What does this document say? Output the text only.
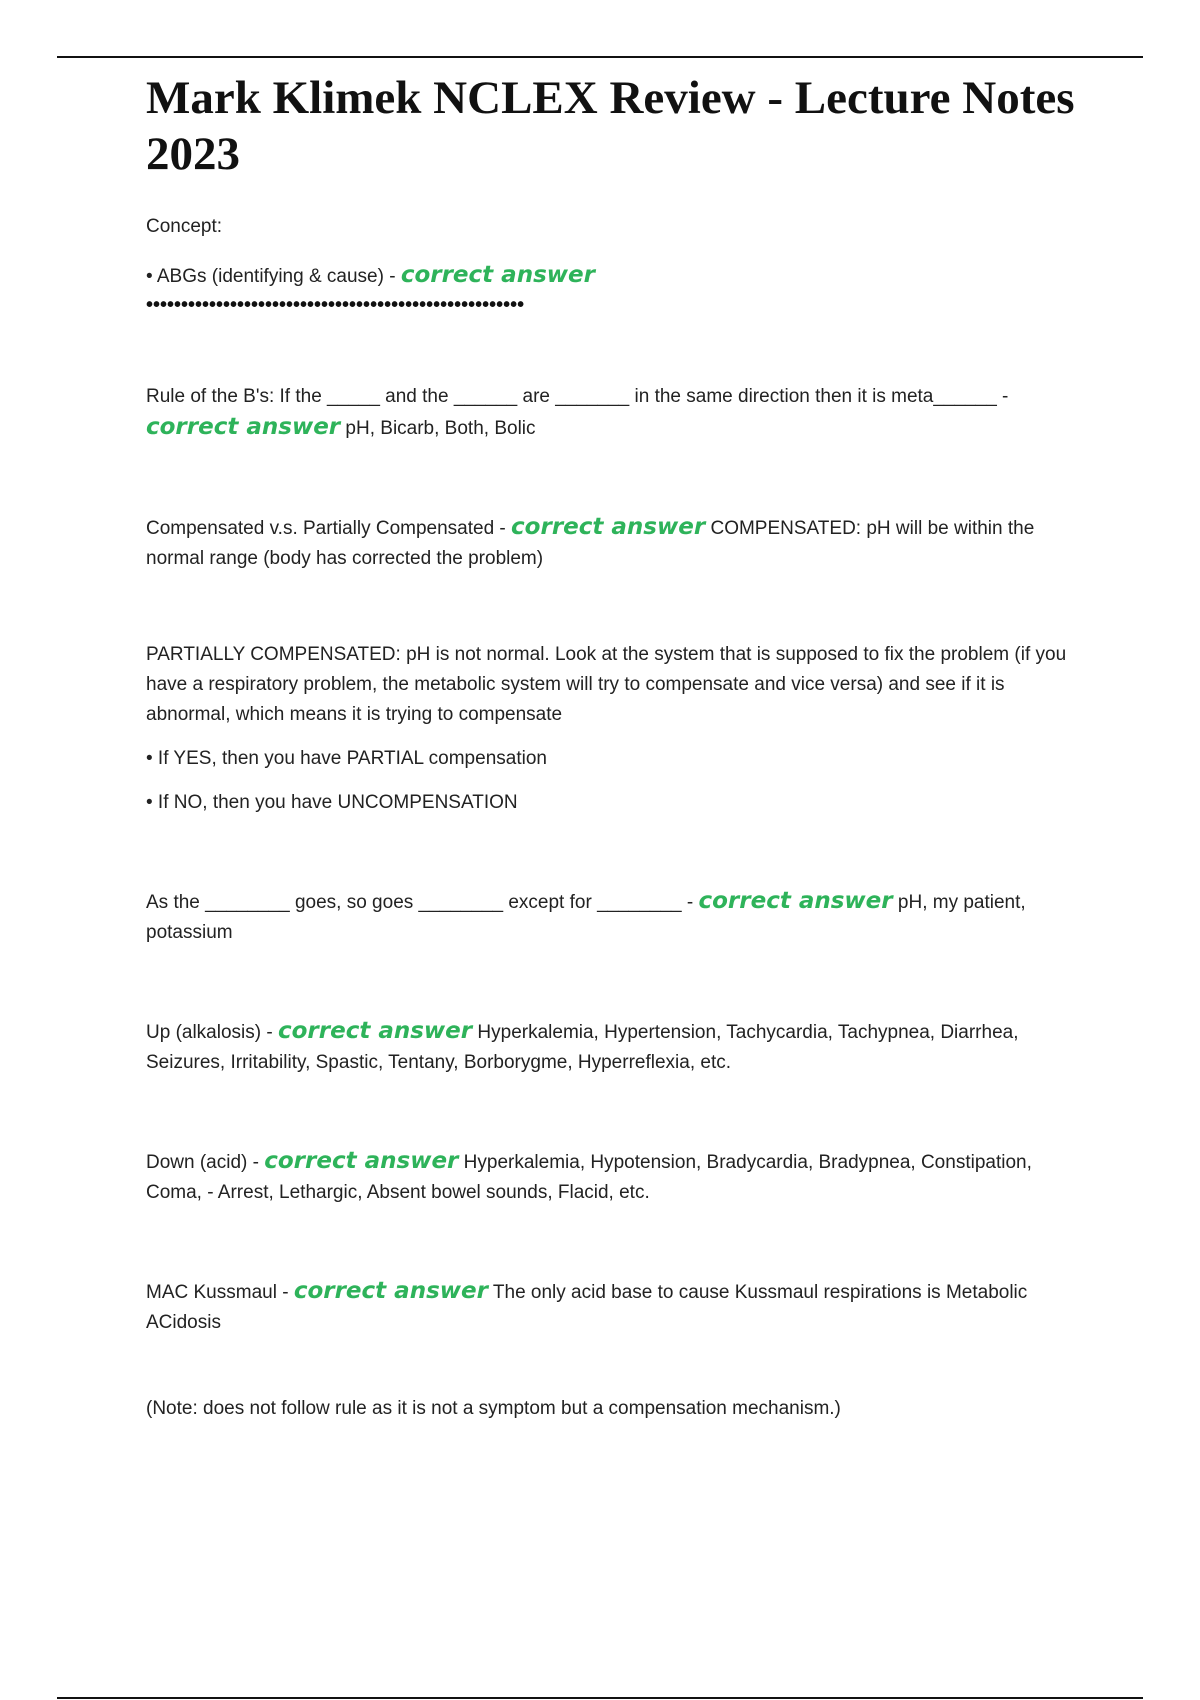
Mark Klimek NCLEX Review - Lecture Notes 2023

Concept:

• ABGs (identifying & cause) - correct answer

••••••••••••••••••••••••••••••••••••••••••••••••••••••

Rule of the B's: If the _____ and the ______ are _______ in the same direction then it is meta______ - correct answer pH, Bicarb, Both, Bolic

Compensated v.s. Partially Compensated - correct answer COMPENSATED: pH will be within the normal range (body has corrected the problem)

PARTIALLY COMPENSATED: pH is not normal. Look at the system that is supposed to fix the problem (if you have a respiratory problem, the metabolic system will try to compensate and vice versa) and see if it is abnormal, which means it is trying to compensate

• If YES, then you have PARTIAL compensation

• If NO, then you have UNCOMPENSATION

As the ________ goes, so goes ________ except for ________ - correct answer pH, my patient, potassium

Up (alkalosis) - correct answer Hyperkalemia, Hypertension, Tachycardia, Tachypnea, Diarrhea, Seizures, Irritability, Spastic, Tentany, Borborygme, Hyperreflexia, etc.

Down (acid) - correct answer Hyperkalemia, Hypotension, Bradycardia, Bradypnea, Constipation, Coma, - Arrest, Lethargic, Absent bowel sounds, Flacid, etc.

MAC Kussmaul - correct answer The only acid base to cause Kussmaul respirations is Metabolic ACidosis

(Note: does not follow rule as it is not a symptom but a compensation mechanism.)
